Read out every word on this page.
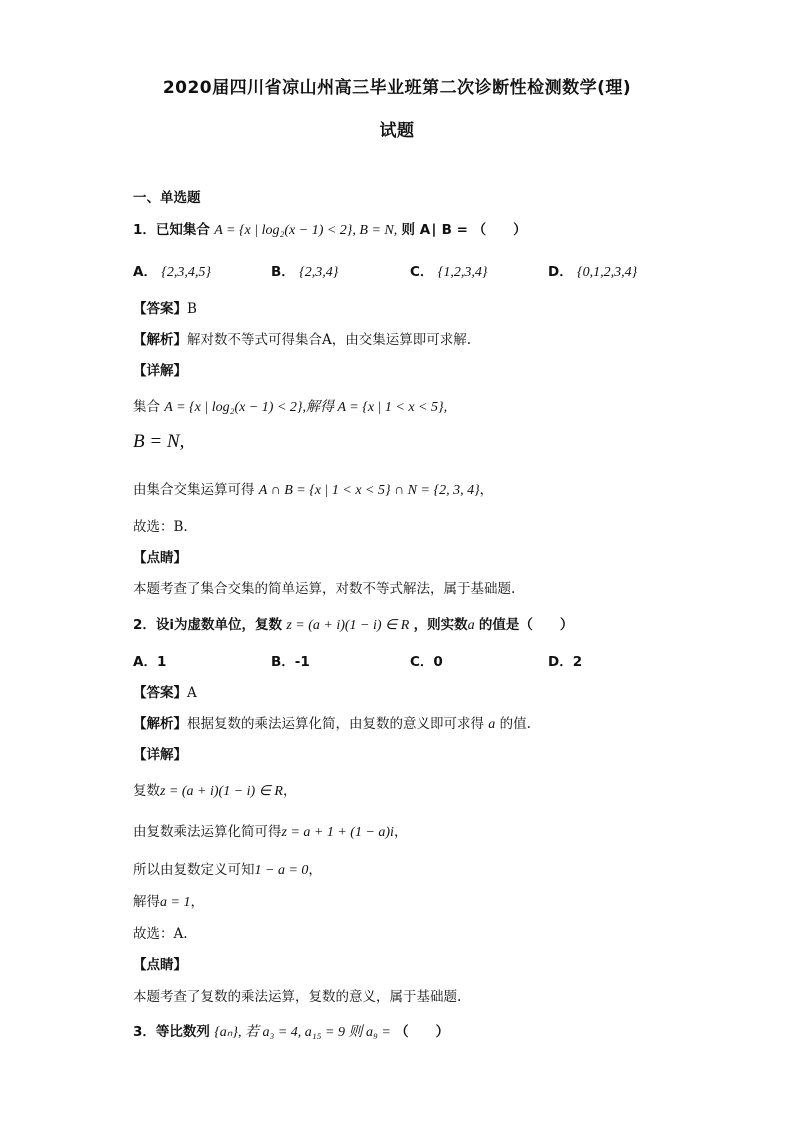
2020届四川省凉山州高三毕业班第二次诊断性检测数学(理)
试题
一、单选题
1．已知集合 A = {x | log₂(x − 1) < 2}, B = N, 则 A∣ B = （　　）
A． {2,3,4,5}	B． {2,3,4}	C． {1,2,3,4}	D． {0,1,2,3,4}
【答案】B
【解析】解对数不等式可得集合A，由交集运算即可求解.
【详解】
集合 A = {x | log₂(x − 1) < 2},解得 A = {x | 1 < x < 5},
B = N,
由集合交集运算可得 A ∩ B = {x | 1 < x < 5} ∩ N = {2, 3, 4}，
故选：B.
【点睛】
本题考查了集合交集的简单运算，对数不等式解法，属于基础题.
2．设i为虚数单位，复数 z = (a + i)(1 − i) ∈ R ，则实数a 的值是（　　）
A．1	B．-1	C．0	D．2
【答案】A
【解析】根据复数的乘法运算化简，由复数的意义即可求得 a 的值.
【详解】
复数z = (a + i)(1 − i) ∈ R，
由复数乘法运算化简可得z = a + 1 + (1 − a)i，
所以由复数定义可知1 − a = 0，
解得a = 1，
故选：A.
【点睛】
本题考查了复数的乘法运算，复数的意义，属于基础题.
3．等比数列 {aₙ}, 若 a₃ = 4, a₁₅ = 9 则 a₉ = （　　）
